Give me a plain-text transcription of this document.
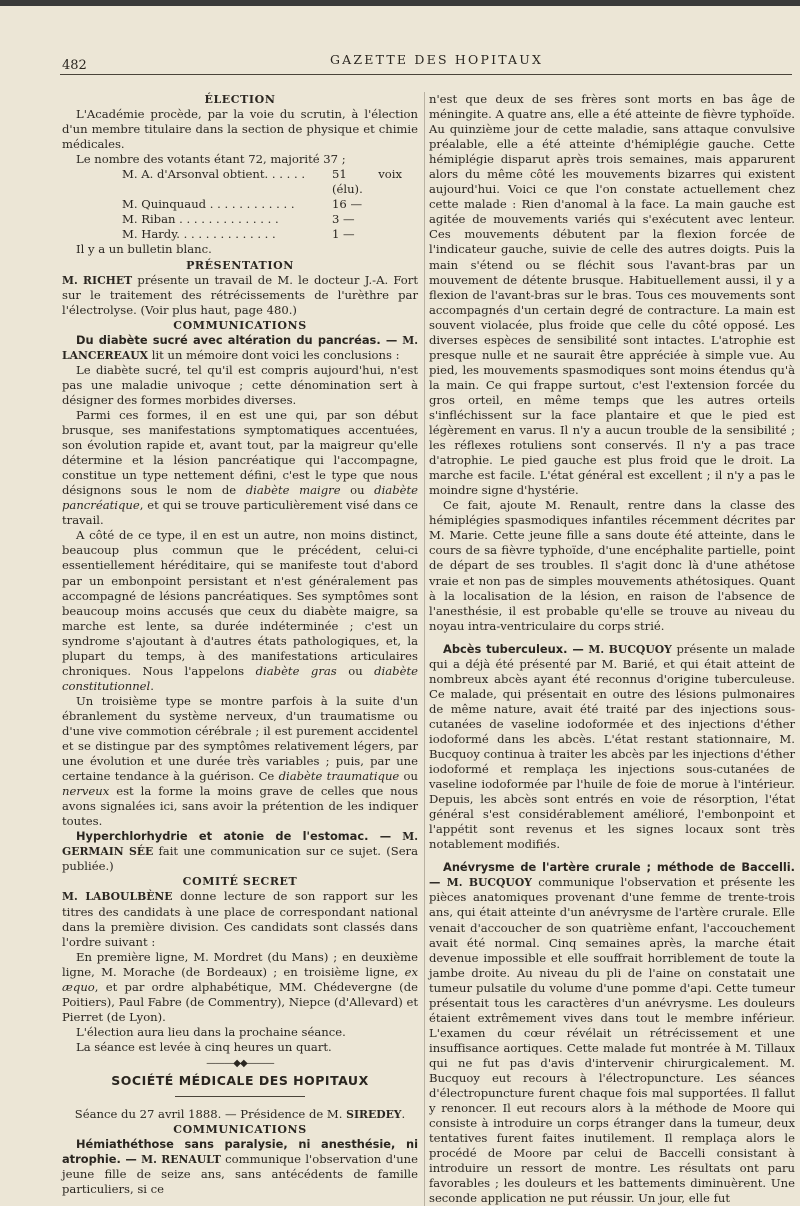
482	GAZETTE DES HOPITAUX
ÉLECTION

L'Académie procède, par la voie du scrutin, à l'élection d'un membre titulaire dans la section de physique et chimie médicales.

Le nombre des votants étant 72, majorité 37 ;

M. A. d'Arsonval obtient. . . . . .	51 voix (élu).
M. Quinquaud . . . . . . . . . . . .	16 —
M. Riban . . . . . . . . . . . . . .	3 —
M. Hardy. . . . . . . . . . . . . .	1 —

Il y a un bulletin blanc.

PRÉSENTATION

M. RICHET présente un travail de M. le docteur J.-A. Fort sur le traitement des rétrécissements de l'urèthre par l'électrolyse. (Voir plus haut, page 480.)

COMMUNICATIONS

Du diabète sucré avec altération du pancréas. — M. LANCEREAUX lit un mémoire dont voici les conclusions :

Le diabète sucré, tel qu'il est compris aujourd'hui, n'est pas une maladie univoque ; cette dénomination sert à désigner des formes morbides diverses.

Parmi ces formes, il en est une qui, par son début brusque, ses manifestations symptomatiques accentuées, son évolution rapide et, avant tout, par la maigreur qu'elle détermine et la lésion pancréatique qui l'accompagne, constitue un type nettement défini, c'est le type que nous désignons sous le nom de diabète maigre ou diabète pancréatique, et qui se trouve particulièrement visé dans ce travail.

A côté de ce type, il en est un autre, non moins distinct, beaucoup plus commun que le précédent, celui-ci essentiellement héréditaire, qui se manifeste tout d'abord par un embonpoint persistant et n'est généralement pas accompagné de lésions pancréatiques. Ses symptômes sont beaucoup moins accusés que ceux du diabète maigre, sa marche est lente, sa durée indéterminée ; c'est un syndrome s'ajoutant à d'autres états pathologiques, et, la plupart du temps, à des manifestations articulaires chroniques. Nous l'appelons diabète gras ou diabète constitutionnel.

Un troisième type se montre parfois à la suite d'un ébranlement du système nerveux, d'un traumatisme ou d'une vive commotion cérébrale ; il est purement accidentel et se distingue par des symptômes relativement légers, par une évolution et une durée très variables ; puis, par une certaine tendance à la guérison. Ce diabète traumatique ou nerveux est la forme la moins grave de celles que nous avons signalées ici, sans avoir la prétention de les indiquer toutes.

Hyperchlorhydrie et atonie de l'estomac. — M. GERMAIN SÉE fait une communication sur ce sujet. (Sera publiée.)

COMITÉ SECRET

M. LABOULBÈNE donne lecture de son rapport sur les titres des candidats à une place de correspondant national dans la première division. Ces candidats sont classés dans l'ordre suivant :

En première ligne, M. Mordret (du Mans) ; en deuxième ligne, M. Morache (de Bordeaux) ; en troisième ligne, ex æquo, et par ordre alphabétique, MM. Chédevergne (de Poitiers), Paul Fabre (de Commentry), Niepce (d'Allevard) et Pierret (de Lyon).

L'élection aura lieu dans la prochaine séance.

La séance est levée à cinq heures un quart.

———◆◆———
SOCIÉTÉ MÉDICALE DES HOPITAUX

Séance du 27 avril 1888. — Présidence de M. SIREDEY.

COMMUNICATIONS

Hémiathéthose sans paralysie, ni anesthésie, ni atrophie. — M. RENAULT communique l'observation d'une jeune fille de seize ans, sans antécédents de famille particuliers, si ce

n'est que deux de ses frères sont morts en bas âge de méningite. A quatre ans, elle a été atteinte de fièvre typhoïde. Au quinzième jour de cette maladie, sans attaque convulsive préalable, elle a été atteinte d'hémiplégie gauche. Cette hémiplégie disparut après trois semaines, mais apparurent alors du même côté les mouvements bizarres qui existent aujourd'hui. Voici ce que l'on constate actuellement chez cette malade : Rien d'anomal à la face. La main gauche est agitée de mouvements variés qui s'exécutent avec lenteur. Ces mouvements débutent par la flexion forcée de l'indicateur gauche, suivie de celle des autres doigts. Puis la main s'étend ou se fléchit sous l'avant-bras par un mouvement de détente brusque. Habituellement aussi, il y a flexion de l'avant-bras sur le bras. Tous ces mouvements sont accompagnés d'un certain degré de contracture. La main est souvent violacée, plus froide que celle du côté opposé. Les diverses espèces de sensibilité sont intactes. L'atrophie est presque nulle et ne saurait être appréciée à simple vue. Au pied, les mouvements spasmodiques sont moins étendus qu'à la main. Ce qui frappe surtout, c'est l'extension forcée du gros orteil, en même temps que les autres orteils s'infléchissent sur la face plantaire et que le pied est légèrement en varus. Il n'y a aucun trouble de la sensibilité ; les réflexes rotuliens sont conservés. Il n'y a pas trace d'atrophie. Le pied gauche est plus froid que le droit. La marche est facile. L'état général est excellent ; il n'y a pas le moindre signe d'hystérie.

Ce fait, ajoute M. Renault, rentre dans la classe des hémiplégies spasmodiques infantiles récemment décrites par M. Marie. Cette jeune fille a sans doute été atteinte, dans le cours de sa fièvre typhoïde, d'une encéphalite partielle, point de départ de ses troubles. Il s'agit donc là d'une athétose vraie et non pas de simples mouvements athétosiques. Quant à la localisation de la lésion, en raison de l'absence de l'anesthésie, il est probable qu'elle se trouve au niveau du noyau intra-ventriculaire du corps strié.

Abcès tuberculeux. — M. BUCQUOY présente un malade qui a déjà été présenté par M. Barié, et qui était atteint de nombreux abcès ayant été reconnus d'origine tuberculeuse. Ce malade, qui présentait en outre des lésions pulmonaires de même nature, avait été traité par des injections sous-cutanées de vaseline iodoformée et des injections d'éther iodoformé dans les abcès. L'état restant stationnaire, M. Bucquoy continua à traiter les abcès par les injections d'éther iodoformé et remplaça les injections sous-cutanées de vaseline iodoformée par l'huile de foie de morue à l'intérieur. Depuis, les abcès sont entrés en voie de résorption, l'état général s'est considérablement amélioré, l'embonpoint et l'appétit sont revenus et les signes locaux sont très notablement modifiés.

Anévrysme de l'artère crurale ; méthode de Baccelli. — M. BUCQUOY communique l'observation et présente les pièces anatomiques provenant d'une femme de trente-trois ans, qui était atteinte d'un anévrysme de l'artère crurale. Elle venait d'accoucher de son quatrième enfant, l'accouchement avait été normal. Cinq semaines après, la marche était devenue impossible et elle souffrait horriblement de toute la jambe droite. Au niveau du pli de l'aine on constatait une tumeur pulsatile du volume d'une pomme d'api. Cette tumeur présentait tous les caractères d'un anévrysme. Les douleurs étaient extrêmement vives dans tout le membre inférieur. L'examen du cœur révélait un rétrécissement et une insuffisance aortiques. Cette malade fut montrée à M. Tillaux qui ne fut pas d'avis d'intervenir chirurgicalement. M. Bucquoy eut recours à l'électropuncture. Les séances d'électropuncture furent chaque fois mal supportées. Il fallut y renoncer. Il eut recours alors à la méthode de Moore qui consiste à introduire un corps étranger dans la tumeur, deux tentatives furent faites inutilement. Il remplaça alors le procédé de Moore par celui de Baccelli consistant à introduire un ressort de montre. Les résultats ont paru favorables ; les douleurs et les battements diminuèrent. Une seconde application ne put réussir. Un jour, elle fut
